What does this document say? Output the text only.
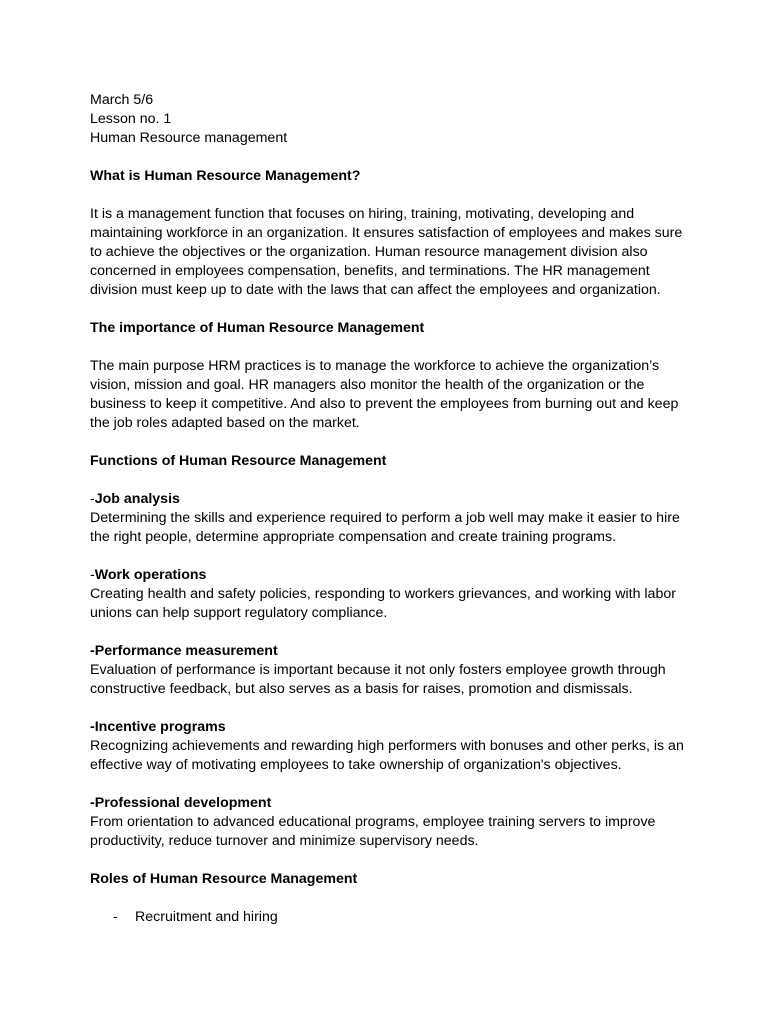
March 5/6
Lesson no. 1
Human Resource management
What is Human Resource Management?
It is a management function that focuses on hiring, training, motivating, developing and
maintaining workforce in an organization. It ensures satisfaction of employees and makes sure
to achieve the objectives or the organization. Human resource management division also
concerned in employees compensation, benefits, and terminations. The HR management
division must keep up to date with the laws that can affect the employees and organization.
The importance of Human Resource Management
The main purpose HRM practices is to manage the workforce to achieve the organization’s
vision, mission and goal. HR managers also monitor the health of the organization or the
business to keep it competitive. And also to prevent the employees from burning out and keep
the job roles adapted based on the market.
Functions of Human Resource Management
-Job analysis
Determining the skills and experience required to perform a job well may make it easier to hire
the right people, determine appropriate compensation and create training programs.
-Work operations
Creating health and safety policies, responding to workers grievances, and working with labor
unions can help support regulatory compliance.
-Performance measurement
Evaluation of performance is important because it not only fosters employee growth through
constructive feedback, but also serves as a basis for raises, promotion and dismissals.
-Incentive programs
Recognizing achievements and rewarding high performers with bonuses and other perks, is an
effective way of motivating employees to take ownership of organization's objectives.
-Professional development
From orientation to advanced educational programs, employee training servers to improve
productivity, reduce turnover and minimize supervisory needs.
Roles of Human Resource Management
- Recruitment and hiring
